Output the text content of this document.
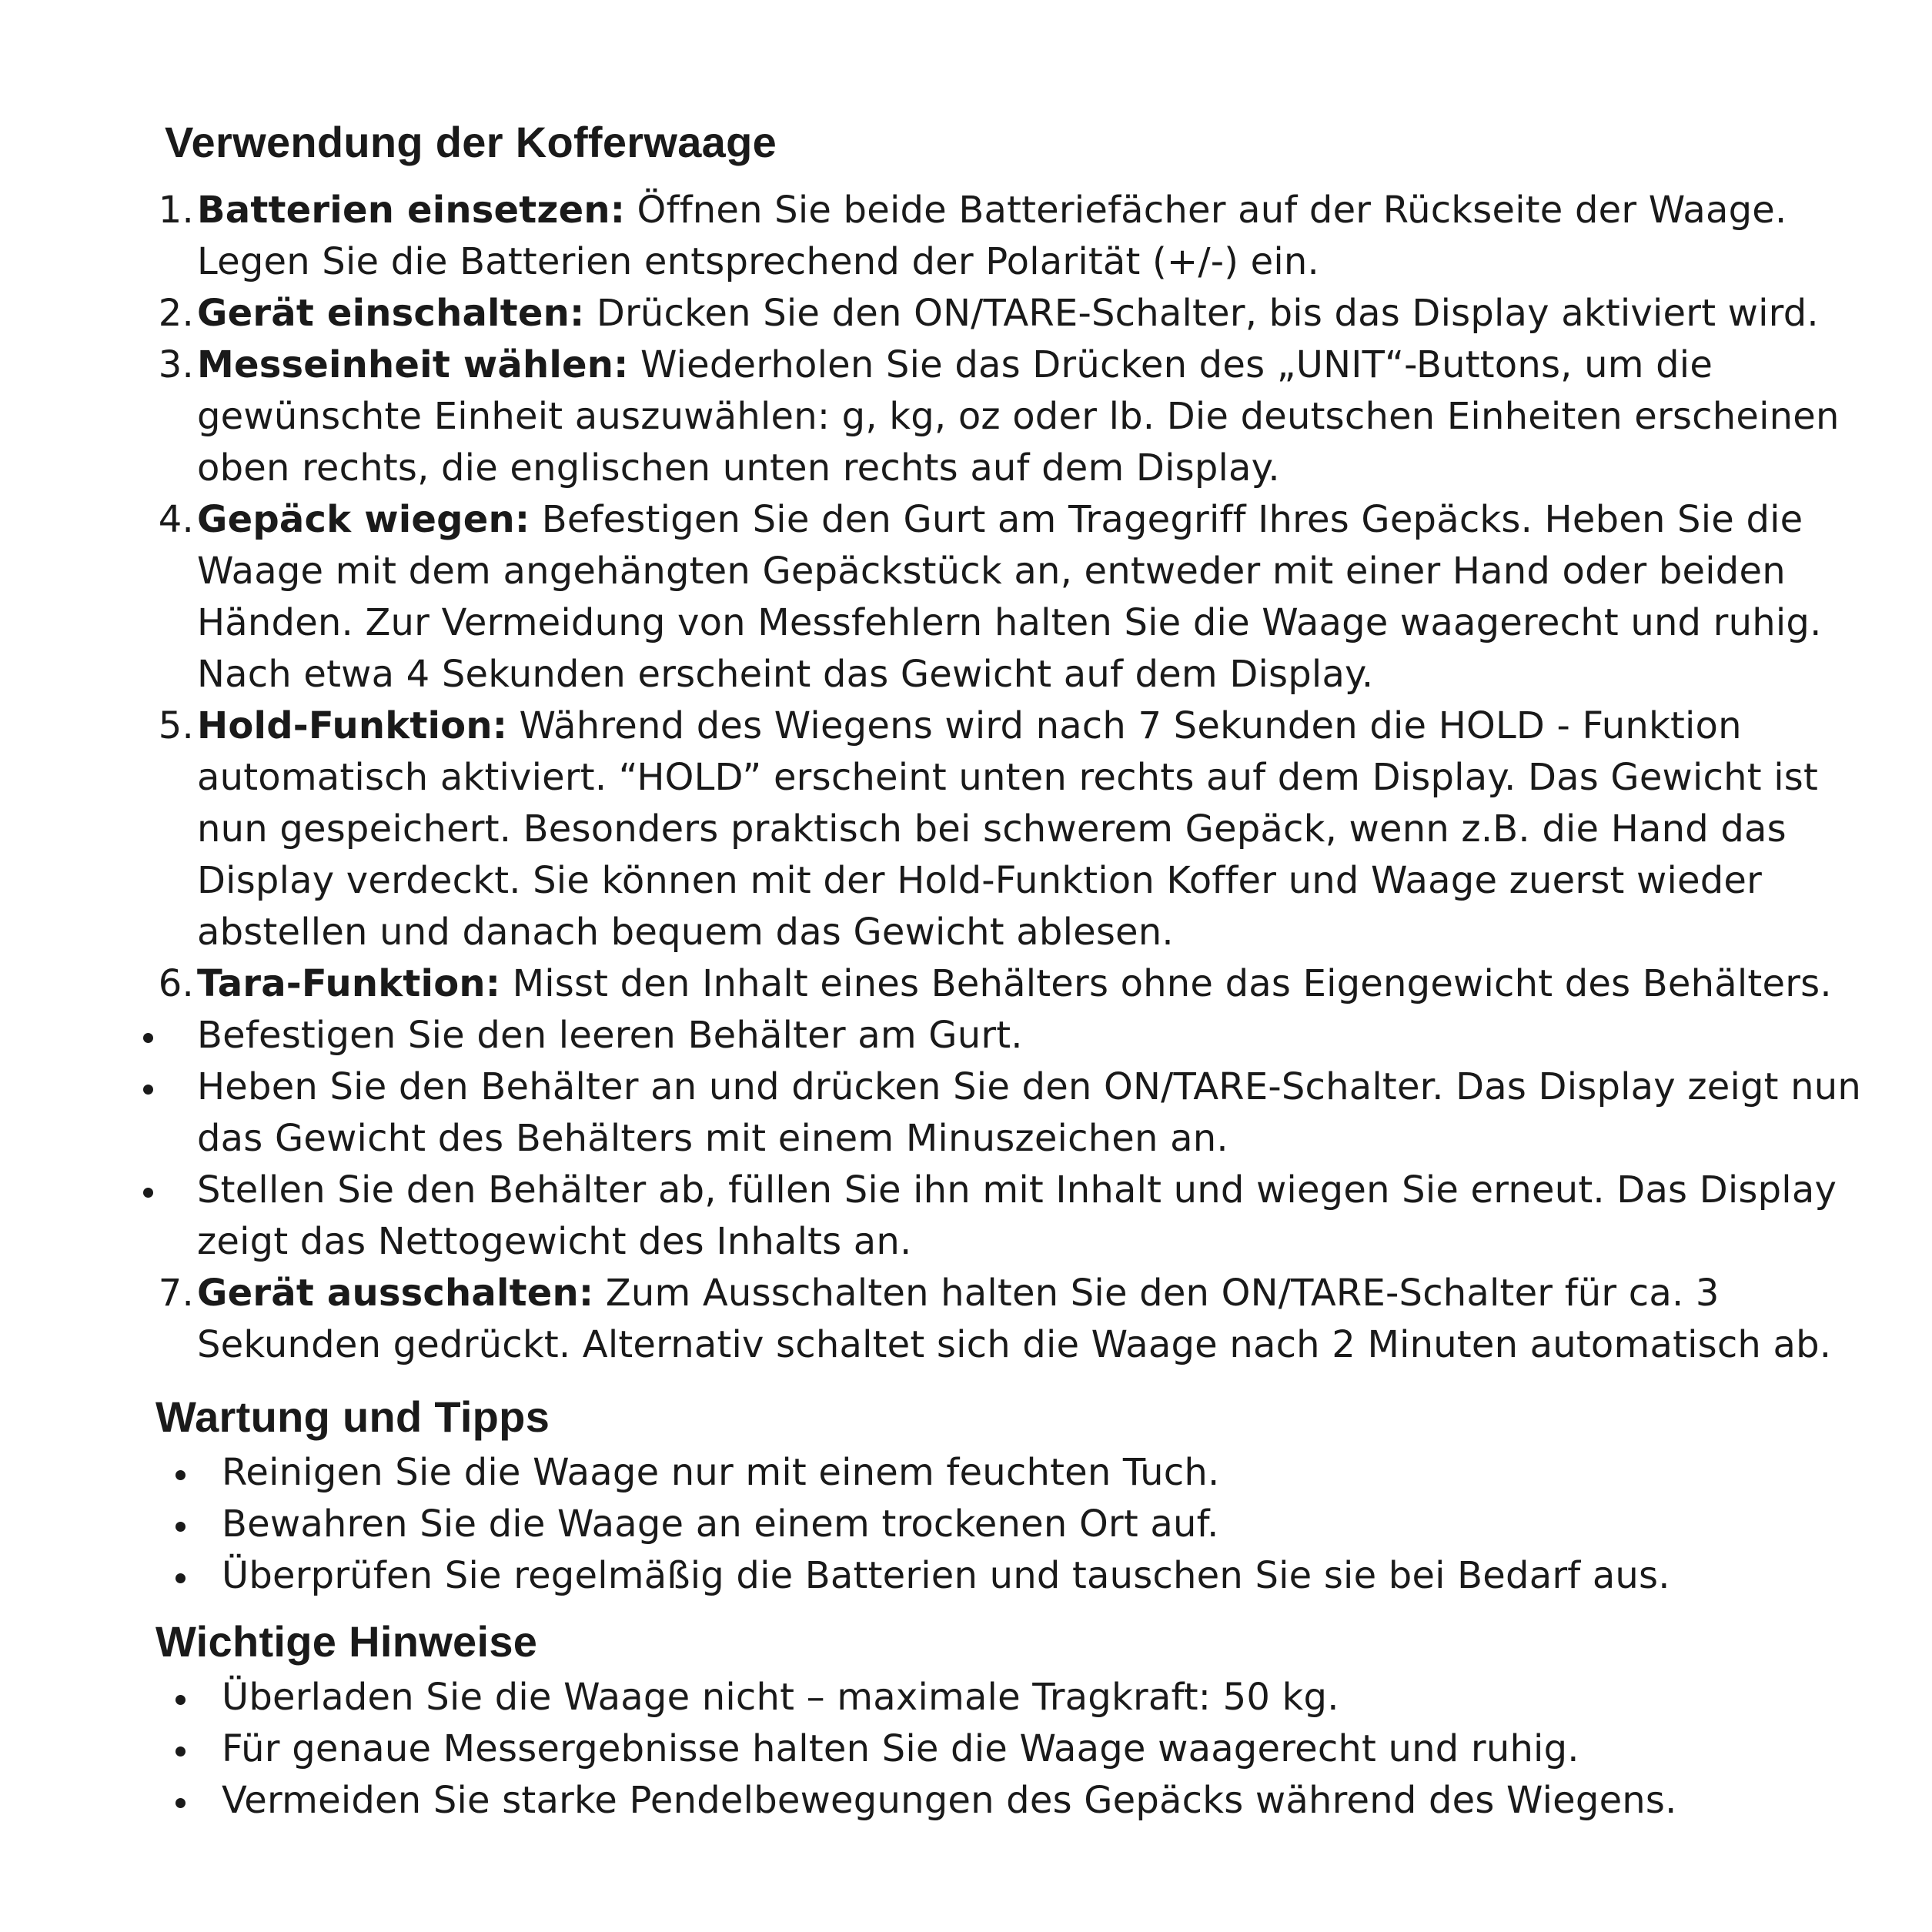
Verwendung der Kofferwaage
1. Batterien einsetzen: Öffnen Sie beide Batteriefächer auf der Rückseite der Waage. Legen Sie die Batterien entsprechend der Polarität (+/-) ein.
2. Gerät einschalten: Drücken Sie den ON/TARE-Schalter, bis das Display aktiviert wird.
3. Messeinheit wählen: Wiederholen Sie das Drücken des „UNIT“-Buttons, um die gewünschte Einheit auszuwählen: g, kg, oz oder lb. Die deutschen Einheiten erscheinen oben rechts, die englischen unten rechts auf dem Display.
4. Gepäck wiegen: Befestigen Sie den Gurt am Tragegriff Ihres Gepäcks. Heben Sie die Waage mit dem angehängten Gepäckstück an, entweder mit einer Hand oder beiden Händen. Zur Vermeidung von Messfehlern halten Sie die Waage waagerecht und ruhig. Nach etwa 4 Sekunden erscheint das Gewicht auf dem Display.
5. Hold-Funktion: Während des Wiegens wird nach 7 Sekunden die HOLD - Funktion automatisch aktiviert. “HOLD” erscheint unten rechts auf dem Display. Das Gewicht ist nun gespeichert. Besonders praktisch bei schwerem Gepäck, wenn z.B. die Hand das Display verdeckt. Sie können mit der Hold-Funktion Koffer und Waage zuerst wieder abstellen und danach bequem das Gewicht ablesen.
6. Tara-Funktion: Misst den Inhalt eines Behälters ohne das Eigengewicht des Behälters.
Befestigen Sie den leeren Behälter am Gurt.
Heben Sie den Behälter an und drücken Sie den ON/TARE-Schalter. Das Display zeigt nun das Gewicht des Behälters mit einem Minuszeichen an.
Stellen Sie den Behälter ab, füllen Sie ihn mit Inhalt und wiegen Sie erneut. Das Display zeigt das Nettogewicht des Inhalts an.
7. Gerät ausschalten: Zum Ausschalten halten Sie den ON/TARE-Schalter für ca. 3 Sekunden gedrückt. Alternativ schaltet sich die Waage nach 2 Minuten automatisch ab.
Wartung und Tipps
Reinigen Sie die Waage nur mit einem feuchten Tuch.
Bewahren Sie die Waage an einem trockenen Ort auf.
Überprüfen Sie regelmäßig die Batterien und tauschen Sie sie bei Bedarf aus.
Wichtige Hinweise
Überladen Sie die Waage nicht – maximale Tragkraft: 50 kg.
Für genaue Messergebnisse halten Sie die Waage waagerecht und ruhig.
Vermeiden Sie starke Pendelbewegungen des Gepäcks während des Wiegens.
